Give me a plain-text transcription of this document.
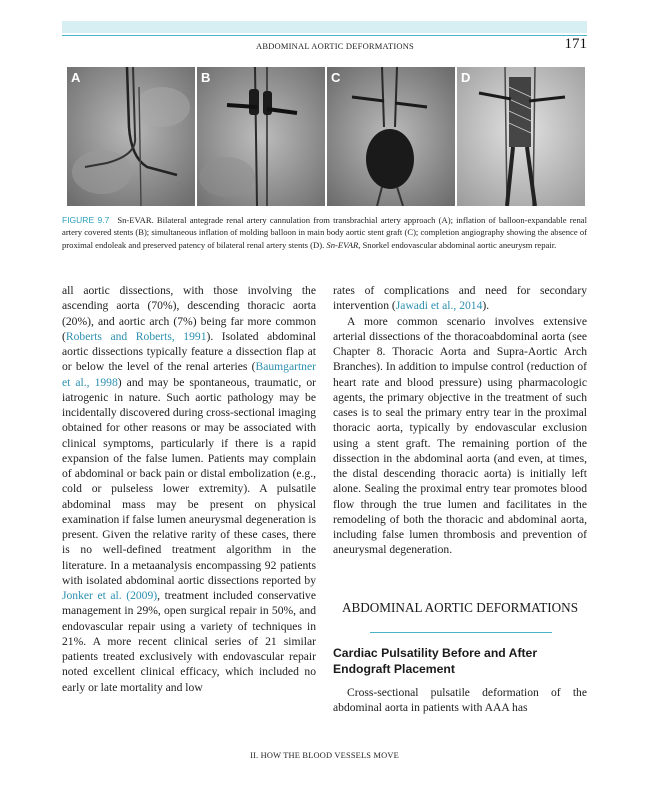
ABDOMINAL AORTIC DEFORMATIONS	171
A	B	C	D
FIGURE 9.7 Sn-EVAR. Bilateral antegrade renal artery cannulation from transbrachial artery approach (A); inflation of balloon-expandable renal artery covered stents (B); simultaneous inflation of molding balloon in main body aortic stent graft (C); completion angiography showing the absence of proximal endoleak and preserved patency of bilateral renal artery stents (D). Sn-EVAR, Snorkel endovascular abdominal aortic aneurysm repair.

all aortic dissections, with those involving the ascending aorta (70%), descending thoracic aorta (20%), and aortic arch (7%) being far more common (Roberts and Roberts, 1991). Isolated abdominal aortic dissections typically feature a dissection flap at or below the level of the renal arteries (Baumgartner et al., 1998) and may be spontaneous, traumatic, or iatrogenic in nature. Such aortic pathology may be incidentally discovered during cross-sectional imaging obtained for other reasons or may be associated with clinical symptoms, particularly if there is a rapid expansion of the false lumen. Patients may complain of abdominal or back pain or distal embolization (e.g., cold or pulseless lower extremity). A pulsatile abdominal mass may be present on physical examination if false lumen aneurysmal degeneration is present. Given the relative rarity of these cases, there is no well-defined treatment algorithm in the literature. In a metaanalysis encompassing 92 patients with isolated abdominal aortic dissections reported by Jonker et al. (2009), treatment included conservative management in 29%, open surgical repair in 50%, and endovascular repair using a variety of techniques in 21%. A more recent clinical series of 21 similar patients treated exclusively with endovascular repair noted excellent clinical efficacy, which included no early or late mortality and low

rates of complications and need for secondary intervention (Jawadi et al., 2014).

A more common scenario involves extensive arterial dissections of the thoracoabdominal aorta (see Chapter 8. Thoracic Aorta and Supra-Aortic Arch Branches). In addition to impulse control (reduction of heart rate and blood pressure) using pharmacologic agents, the primary objective in the treatment of such cases is to seal the primary entry tear in the proximal thoracic aorta, typically by endovascular exclusion using a stent graft. The remaining portion of the dissection in the abdominal aorta (and even, at times, the distal descending thoracic aorta) is initially left alone. Sealing the proximal entry tear promotes blood flow through the true lumen and facilitates in the remodeling of both the thoracic and abdominal aorta, including false lumen thrombosis and prevention of aneurysmal degeneration.

ABDOMINAL AORTIC DEFORMATIONS
Cardiac Pulsatility Before and After Endograft Placement

Cross-sectional pulsatile deformation of the abdominal aorta in patients with AAA has

II. HOW THE BLOOD VESSELS MOVE
